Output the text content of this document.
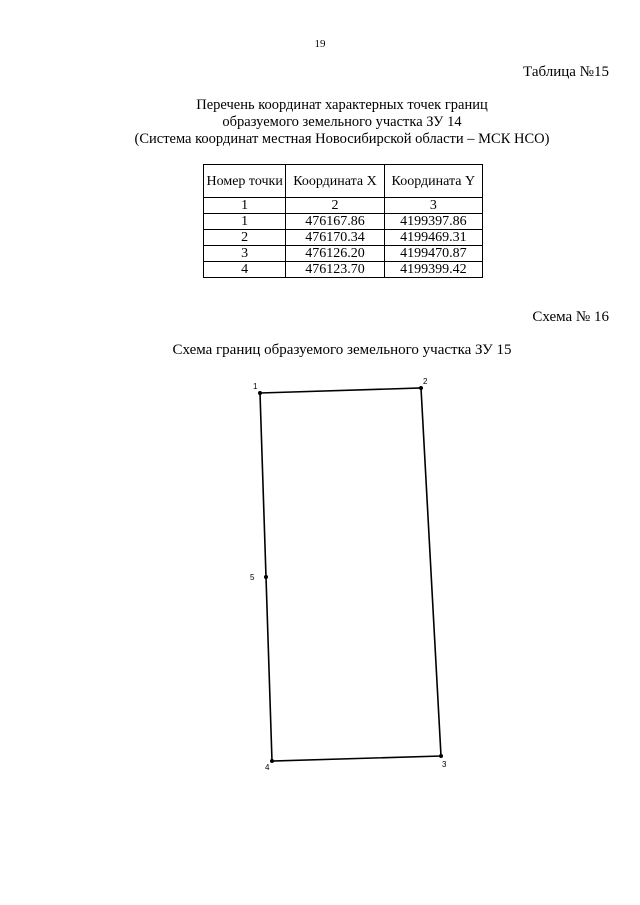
19
Таблица №15
Перечень координат характерных точек границ
образуемого земельного участка ЗУ 14
(Система координат местная Новосибирской области – МСК НСО)
Номер точки	Координата X	Координата Y
1	2	3
1	476167.86	4199397.86
2	476170.34	4199469.31
3	476126.20	4199470.87
4	476123.70	4199399.42
Схема № 16
Схема границ образуемого земельного участка ЗУ 15
1
2
3
4
5
